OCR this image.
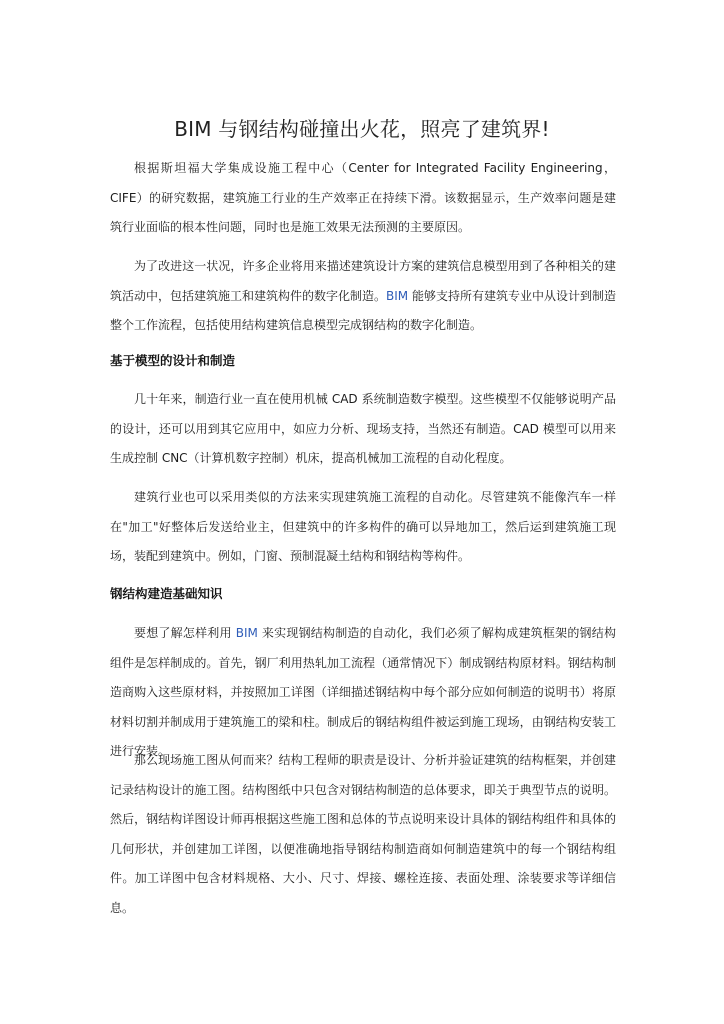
BIM 与钢结构碰撞出火花，照亮了建筑界!

根据斯坦福大学集成设施工程中心（Center for Integrated Facility Engineering，CIFE）的研究数据，建筑施工行业的生产效率正在持续下滑。该数据显示，生产效率问题是建筑行业面临的根本性问题，同时也是施工效果无法预测的主要原因。

为了改进这一状况，许多企业将用来描述建筑设计方案的建筑信息模型用到了各种相关的建筑活动中，包括建筑施工和建筑构件的数字化制造。BIM 能够支持所有建筑专业中从设计到制造整个工作流程，包括使用结构建筑信息模型完成钢结构的数字化制造。

基于模型的设计和制造

几十年来，制造行业一直在使用机械 CAD 系统制造数字模型。这些模型不仅能够说明产品的设计，还可以用到其它应用中，如应力分析、现场支持，当然还有制造。CAD 模型可以用来生成控制 CNC（计算机数字控制）机床，提高机械加工流程的自动化程度。

建筑行业也可以采用类似的方法来实现建筑施工流程的自动化。尽管建筑不能像汽车一样在"加工"好整体后发送给业主，但建筑中的许多构件的确可以异地加工，然后运到建筑施工现场，装配到建筑中。例如，门窗、预制混凝土结构和钢结构等构件。

钢结构建造基础知识

要想了解怎样利用 BIM 来实现钢结构制造的自动化，我们必须了解构成建筑框架的钢结构组件是怎样制成的。首先，钢厂利用热轧加工流程（通常情况下）制成钢结构原材料。钢结构制造商购入这些原材料，并按照加工详图（详细描述钢结构中每个部分应如何制造的说明书）将原材料切割并制成用于建筑施工的梁和柱。制成后的钢结构组件被运到施工现场，由钢结构安装工进行安装。

那么现场施工图从何而来？结构工程师的职责是设计、分析并验证建筑的结构框架，并创建记录结构设计的施工图。结构图纸中只包含对钢结构制造的总体要求，即关于典型节点的说明。然后，钢结构详图设计师再根据这些施工图和总体的节点说明来设计具体的钢结构组件和具体的几何形状，并创建加工详图，以便准确地指导钢结构制造商如何制造建筑中的每一个钢结构组件。加工详图中包含材料规格、大小、尺寸、焊接、螺栓连接、表面处理、涂装要求等详细信息。
